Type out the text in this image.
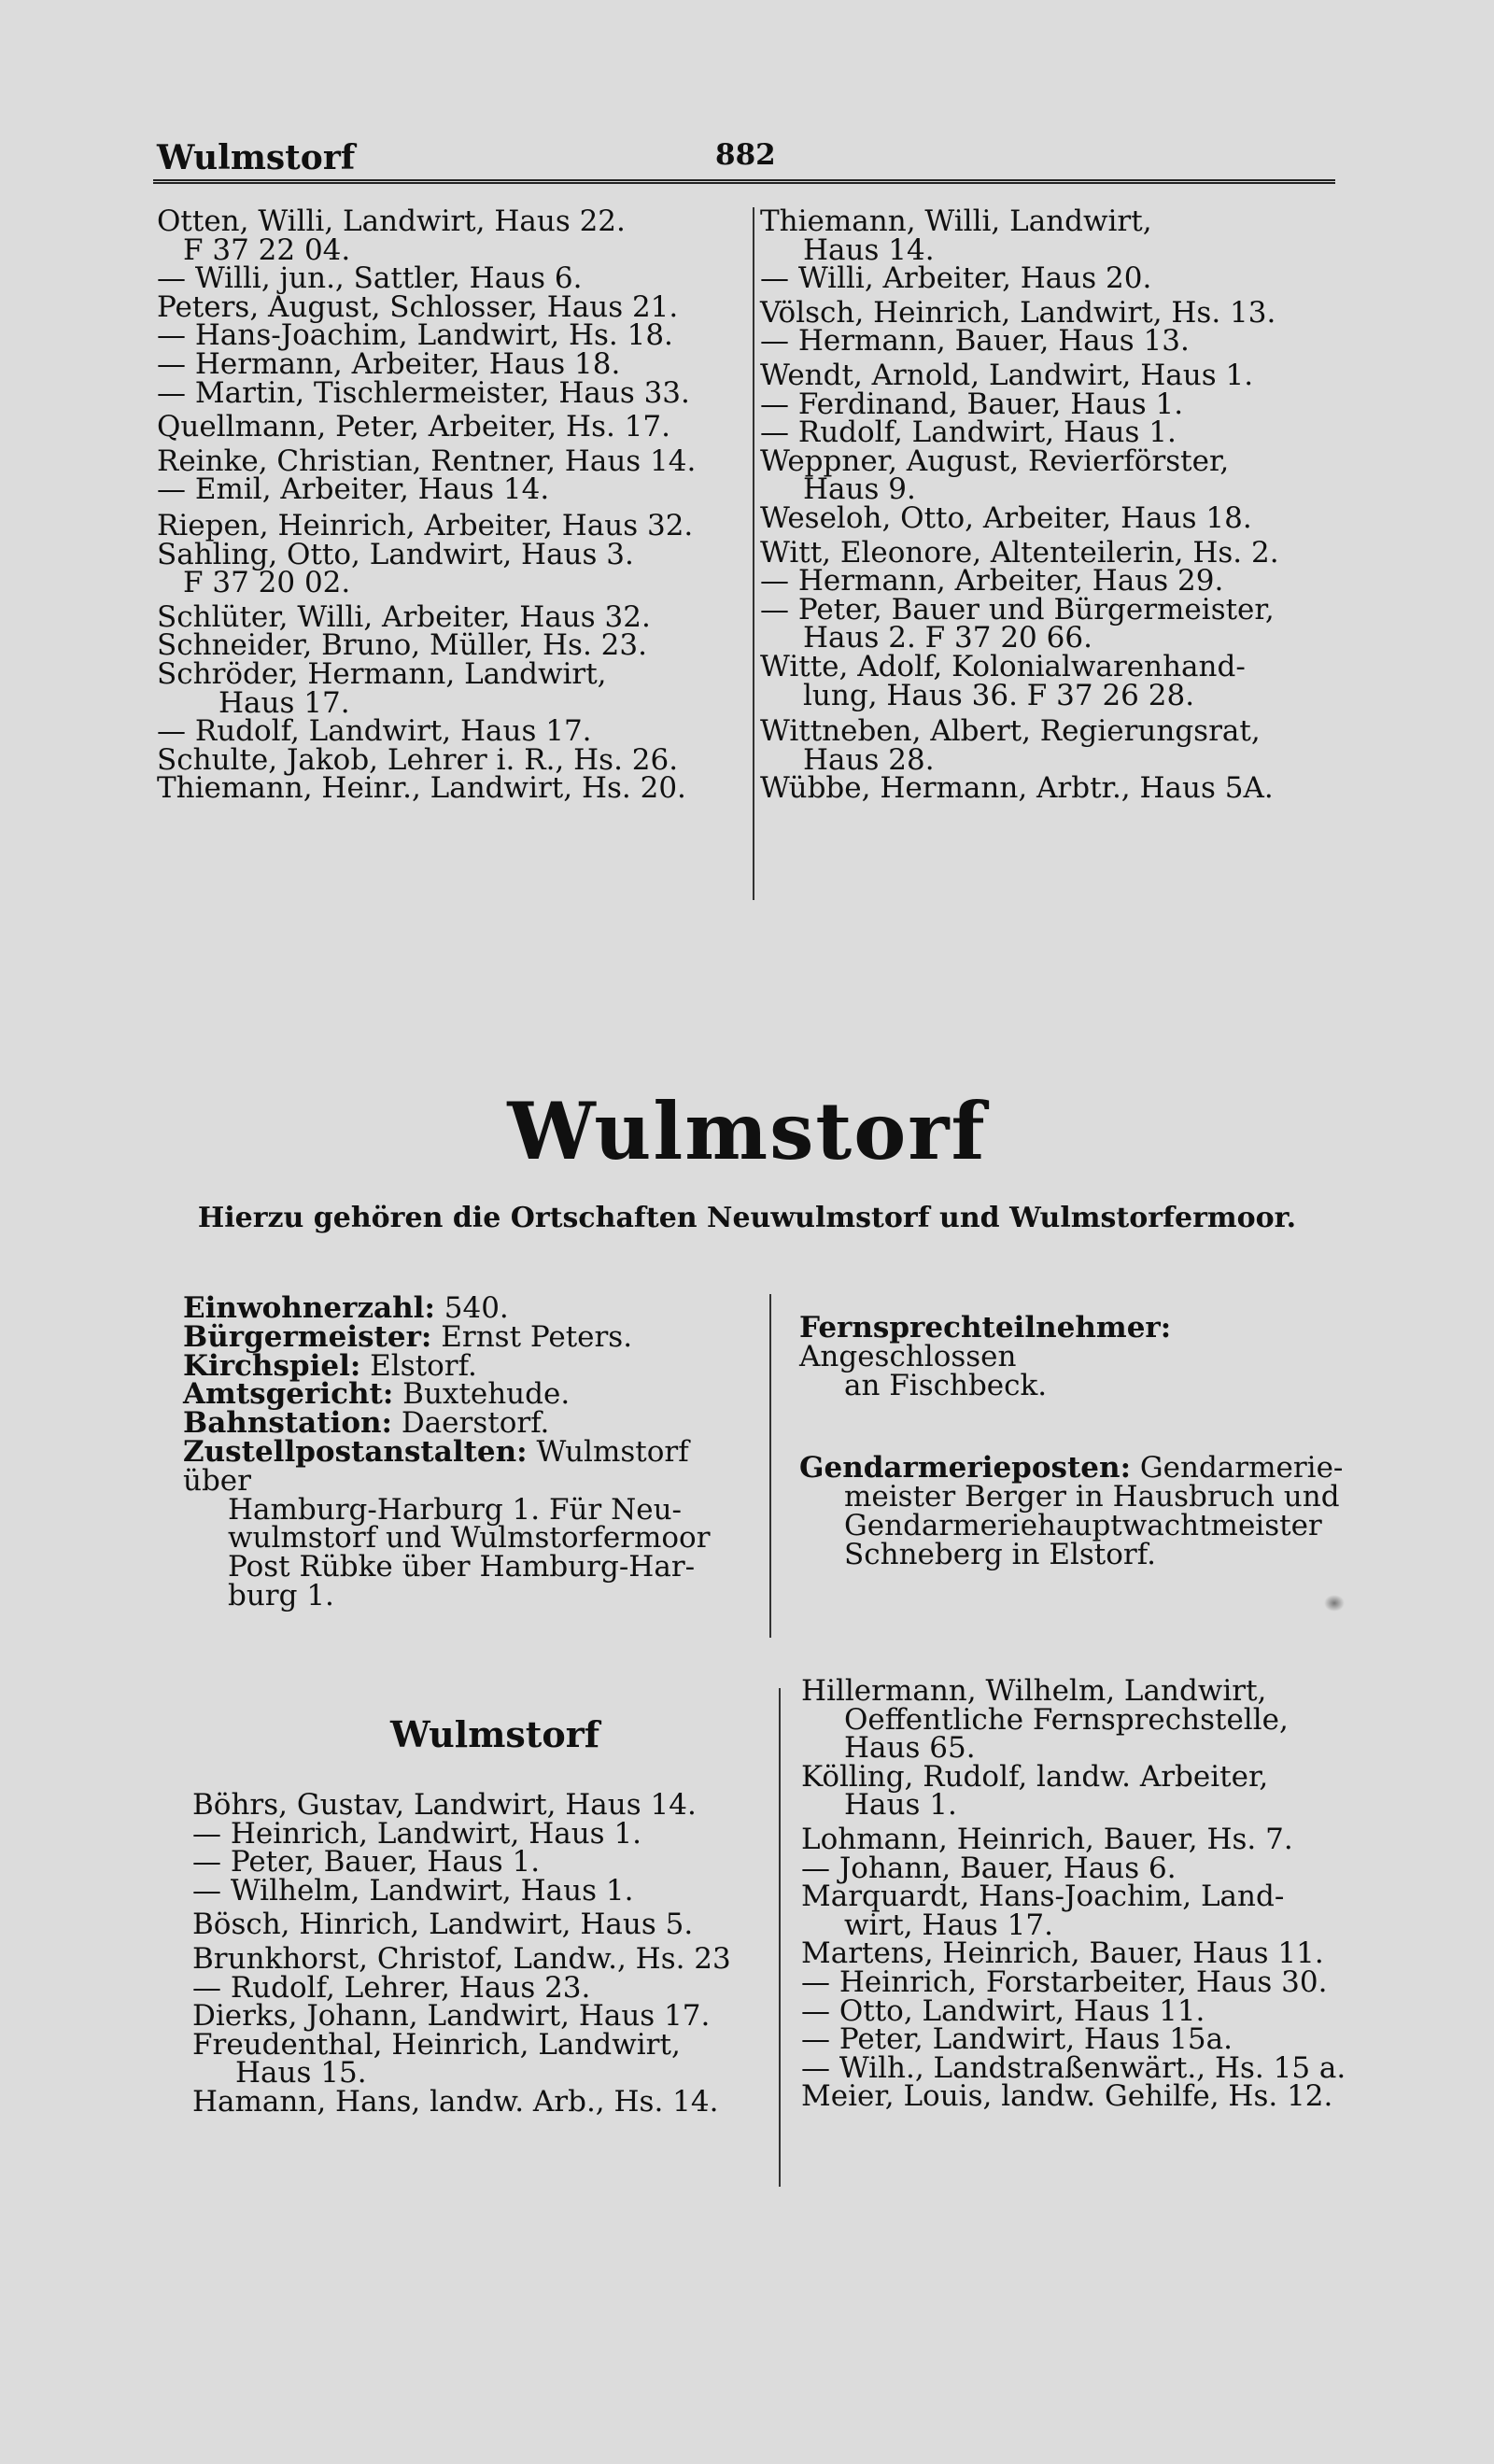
Wulmstorf	882

Otten, Willi, Landwirt, Haus 22.

F 37 22 04.

— Willi, jun., Sattler, Haus 6.

Peters, August, Schlosser, Haus 21.

— Hans-Joachim, Landwirt, Hs. 18.

— Hermann, Arbeiter, Haus 18.

— Martin, Tischlermeister, Haus 33.

Quellmann, Peter, Arbeiter, Hs. 17.

Reinke, Christian, Rentner, Haus 14.

— Emil, Arbeiter, Haus 14.

Riepen, Heinrich, Arbeiter, Haus 32.

Sahling, Otto, Landwirt, Haus 3.

F 37 20 02.

Schlüter, Willi, Arbeiter, Haus 32.

Schneider, Bruno, Müller, Hs. 23.

Schröder, Hermann, Landwirt,

Haus 17.

— Rudolf, Landwirt, Haus 17.

Schulte, Jakob, Lehrer i. R., Hs. 26.

Thiemann, Heinr., Landwirt, Hs. 20.

Thiemann, Willi, Landwirt,

Haus 14.

— Willi, Arbeiter, Haus 20.

Völsch, Heinrich, Landwirt, Hs. 13.

— Hermann, Bauer, Haus 13.

Wendt, Arnold, Landwirt, Haus 1.

— Ferdinand, Bauer, Haus 1.

— Rudolf, Landwirt, Haus 1.

Weppner, August, Revierförster,

Haus 9.

Weseloh, Otto, Arbeiter, Haus 18.

Witt, Eleonore, Altenteilerin, Hs. 2.

— Hermann, Arbeiter, Haus 29.

— Peter, Bauer und Bürgermeister,

Haus 2. F 37 20 66.

Witte, Adolf, Kolonialwarenhand-

lung, Haus 36. F 37 26 28.

Wittneben, Albert, Regierungsrat,

Haus 28.

Wübbe, Hermann, Arbtr., Haus 5A.

Wulmstorf
Hierzu gehören die Ortschaften Neuwulmstorf und Wulmstorfermoor.

Einwohnerzahl: 540.

Bürgermeister: Ernst Peters.

Kirchspiel: Elstorf.

Amtsgericht: Buxtehude.

Bahnstation: Daerstorf.

Zustellpostanstalten: Wulmstorf über
Hamburg-Harburg 1. Für Neu-
wulmstorf und Wulmstorfermoor
Post Rübke über Hamburg-Har-
burg 1.

Fernsprechteilnehmer: Angeschlossen
an Fischbeck.

Gendarmerieposten: Gendarmerie-
meister Berger in Hausbruch und
Gendarmeriehauptwachtmeister
Schneberg in Elstorf.

Wulmstorf

Böhrs, Gustav, Landwirt, Haus 14.

— Heinrich, Landwirt, Haus 1.

— Peter, Bauer, Haus 1.

— Wilhelm, Landwirt, Haus 1.

Bösch, Hinrich, Landwirt, Haus 5.

Brunkhorst, Christof, Landw., Hs. 23

— Rudolf, Lehrer, Haus 23.

Dierks, Johann, Landwirt, Haus 17.

Freudenthal, Heinrich, Landwirt,

Haus 15.

Hamann, Hans, landw. Arb., Hs. 14.

Hillermann, Wilhelm, Landwirt,

Oeffentliche Fernsprechstelle,

Haus 65.

Kölling, Rudolf, landw. Arbeiter,

Haus 1.

Lohmann, Heinrich, Bauer, Hs. 7.

— Johann, Bauer, Haus 6.

Marquardt, Hans-Joachim, Land-

wirt, Haus 17.

Martens, Heinrich, Bauer, Haus 11.

— Heinrich, Forstarbeiter, Haus 30.

— Otto, Landwirt, Haus 11.

— Peter, Landwirt, Haus 15a.

— Wilh., Landstraßenwärt., Hs. 15 a.

Meier, Louis, landw. Gehilfe, Hs. 12.
